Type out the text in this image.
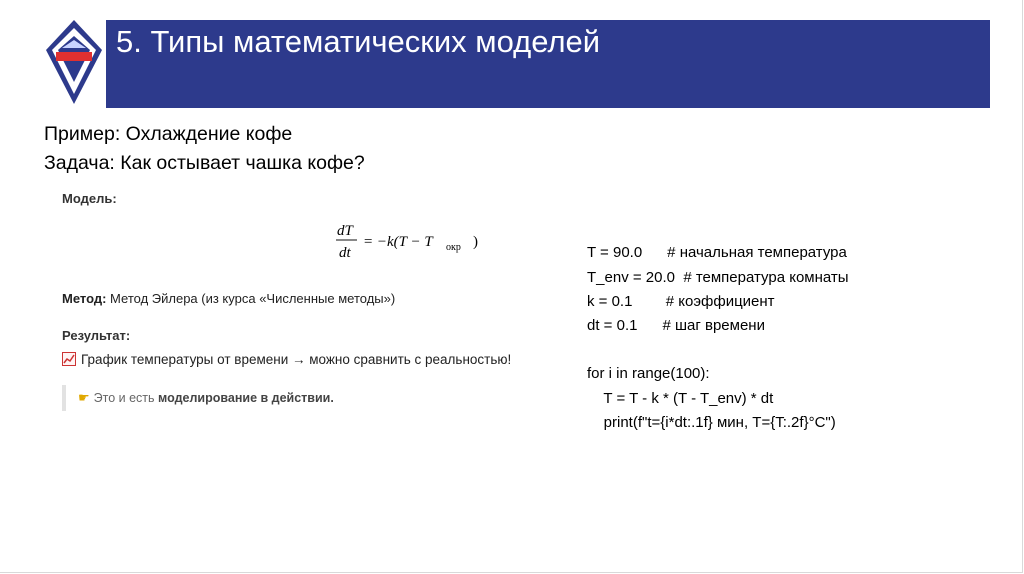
5. Типы математических моделей
Пример: Охлаждение кофе
Задача: Как остывает чашка кофе?
Модель:
dT
dt
= −k(T − T окр )
Метод: Метод Эйлера (из курса «Численные методы»)
Результат:
График температуры от времени → можно сравнить с реальностью!
☛ Это и есть моделирование в действии.

T = 90.0      # начальная температура
T_env = 20.0  # температура комнаты
k = 0.1        # коэффициент
dt = 0.1      # шаг времени

for i in range(100):
T = T - k * (T - T_env) * dt
print(f"t={i*dt:.1f} мин, T={T:.2f}°C")
